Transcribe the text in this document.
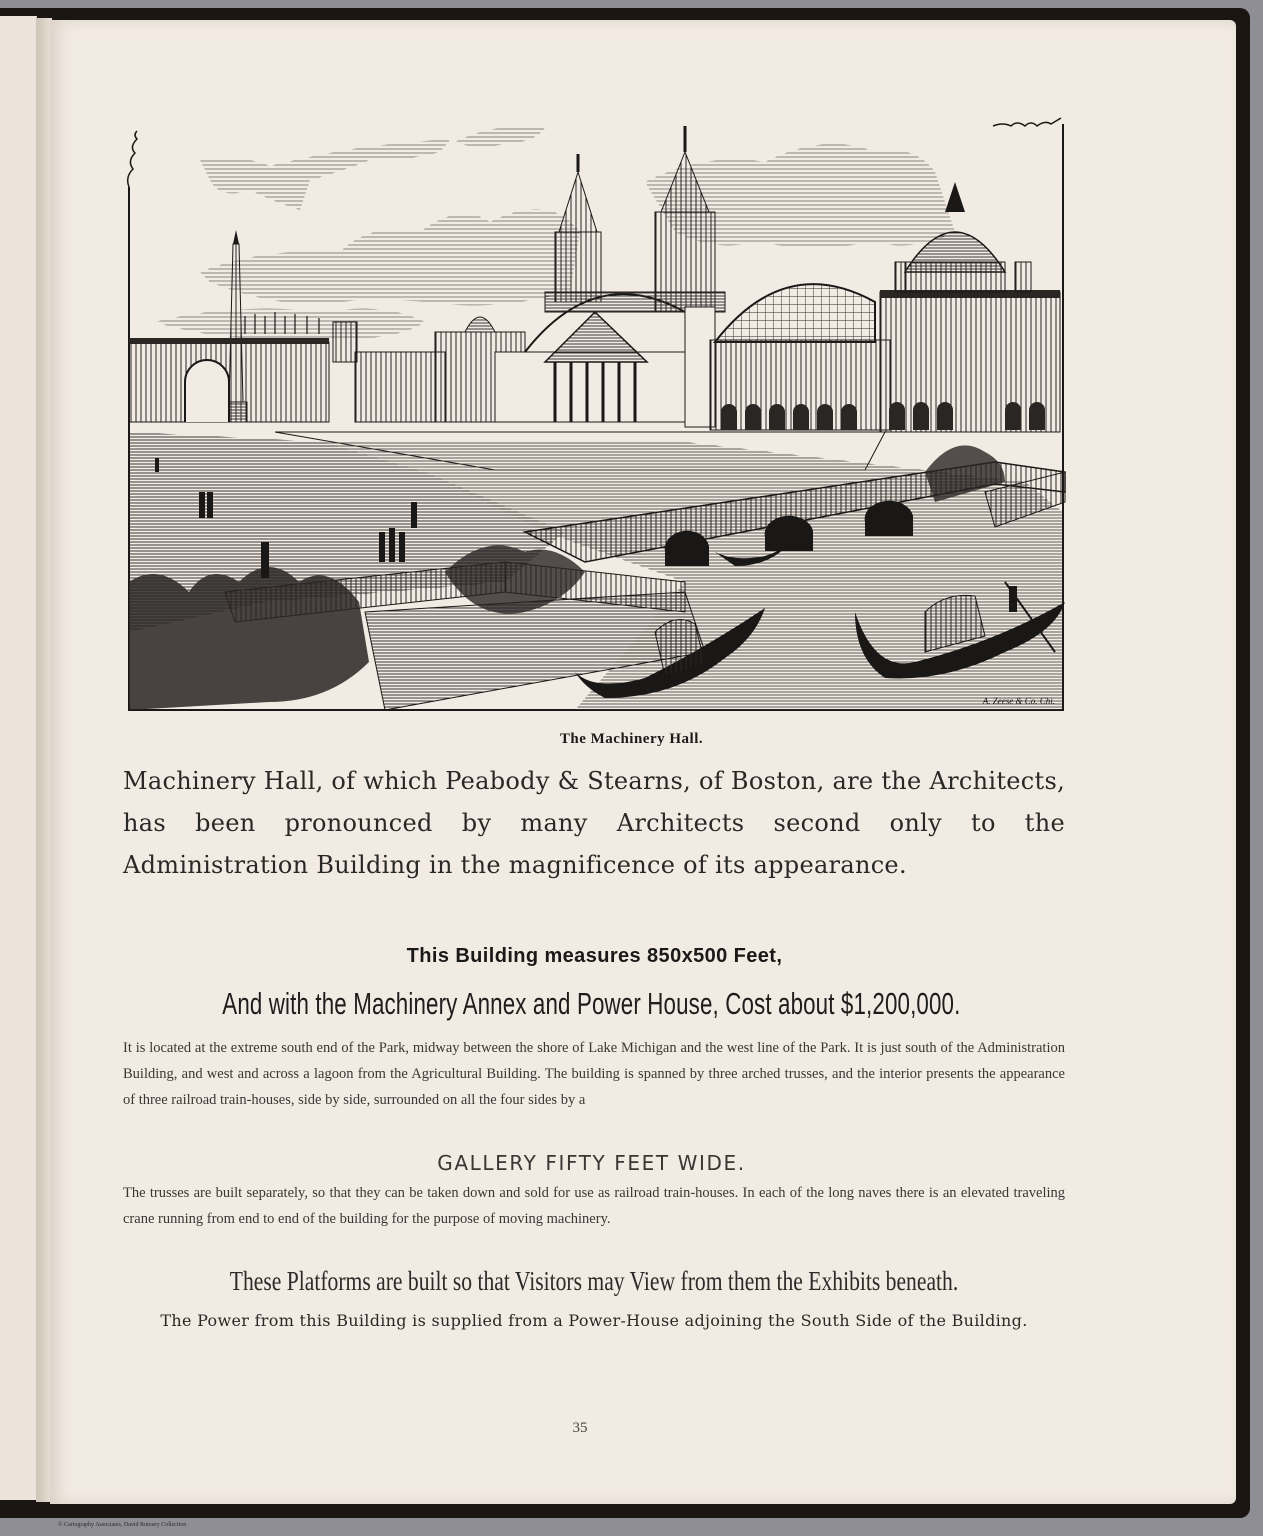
A. Zeese & Co. Chi.
The Machinery Hall.
Machinery Hall, of which Peabody & Stearns, of Boston, are the Architects, has been pronounced by many Architects second only to the Administration Building in the magnificence of its appearance.
This Building measures 850x500 Feet,
And with the Machinery Annex and Power House, Cost about $1,200,000.
It is located at the extreme south end of the Park, midway between the shore of Lake Michigan and the west line of the Park. It is just south of the Administration Building, and west and across a lagoon from the Agricultural Building. The building is spanned by three arched trusses, and the interior presents the appearance of three railroad train-houses, side by side, surrounded on all the four sides by a
GALLERY FIFTY FEET WIDE.
The trusses are built separately, so that they can be taken down and sold for use as railroad train-houses. In each of the long naves there is an elevated traveling crane running from end to end of the building for the purpose of moving machinery.
These Platforms are built so that Visitors may View from them the Exhibits beneath.
The Power from this Building is supplied from a Power-House adjoining the South Side of the Building.
35
© Cartography Associates, David Rumsey Collection
